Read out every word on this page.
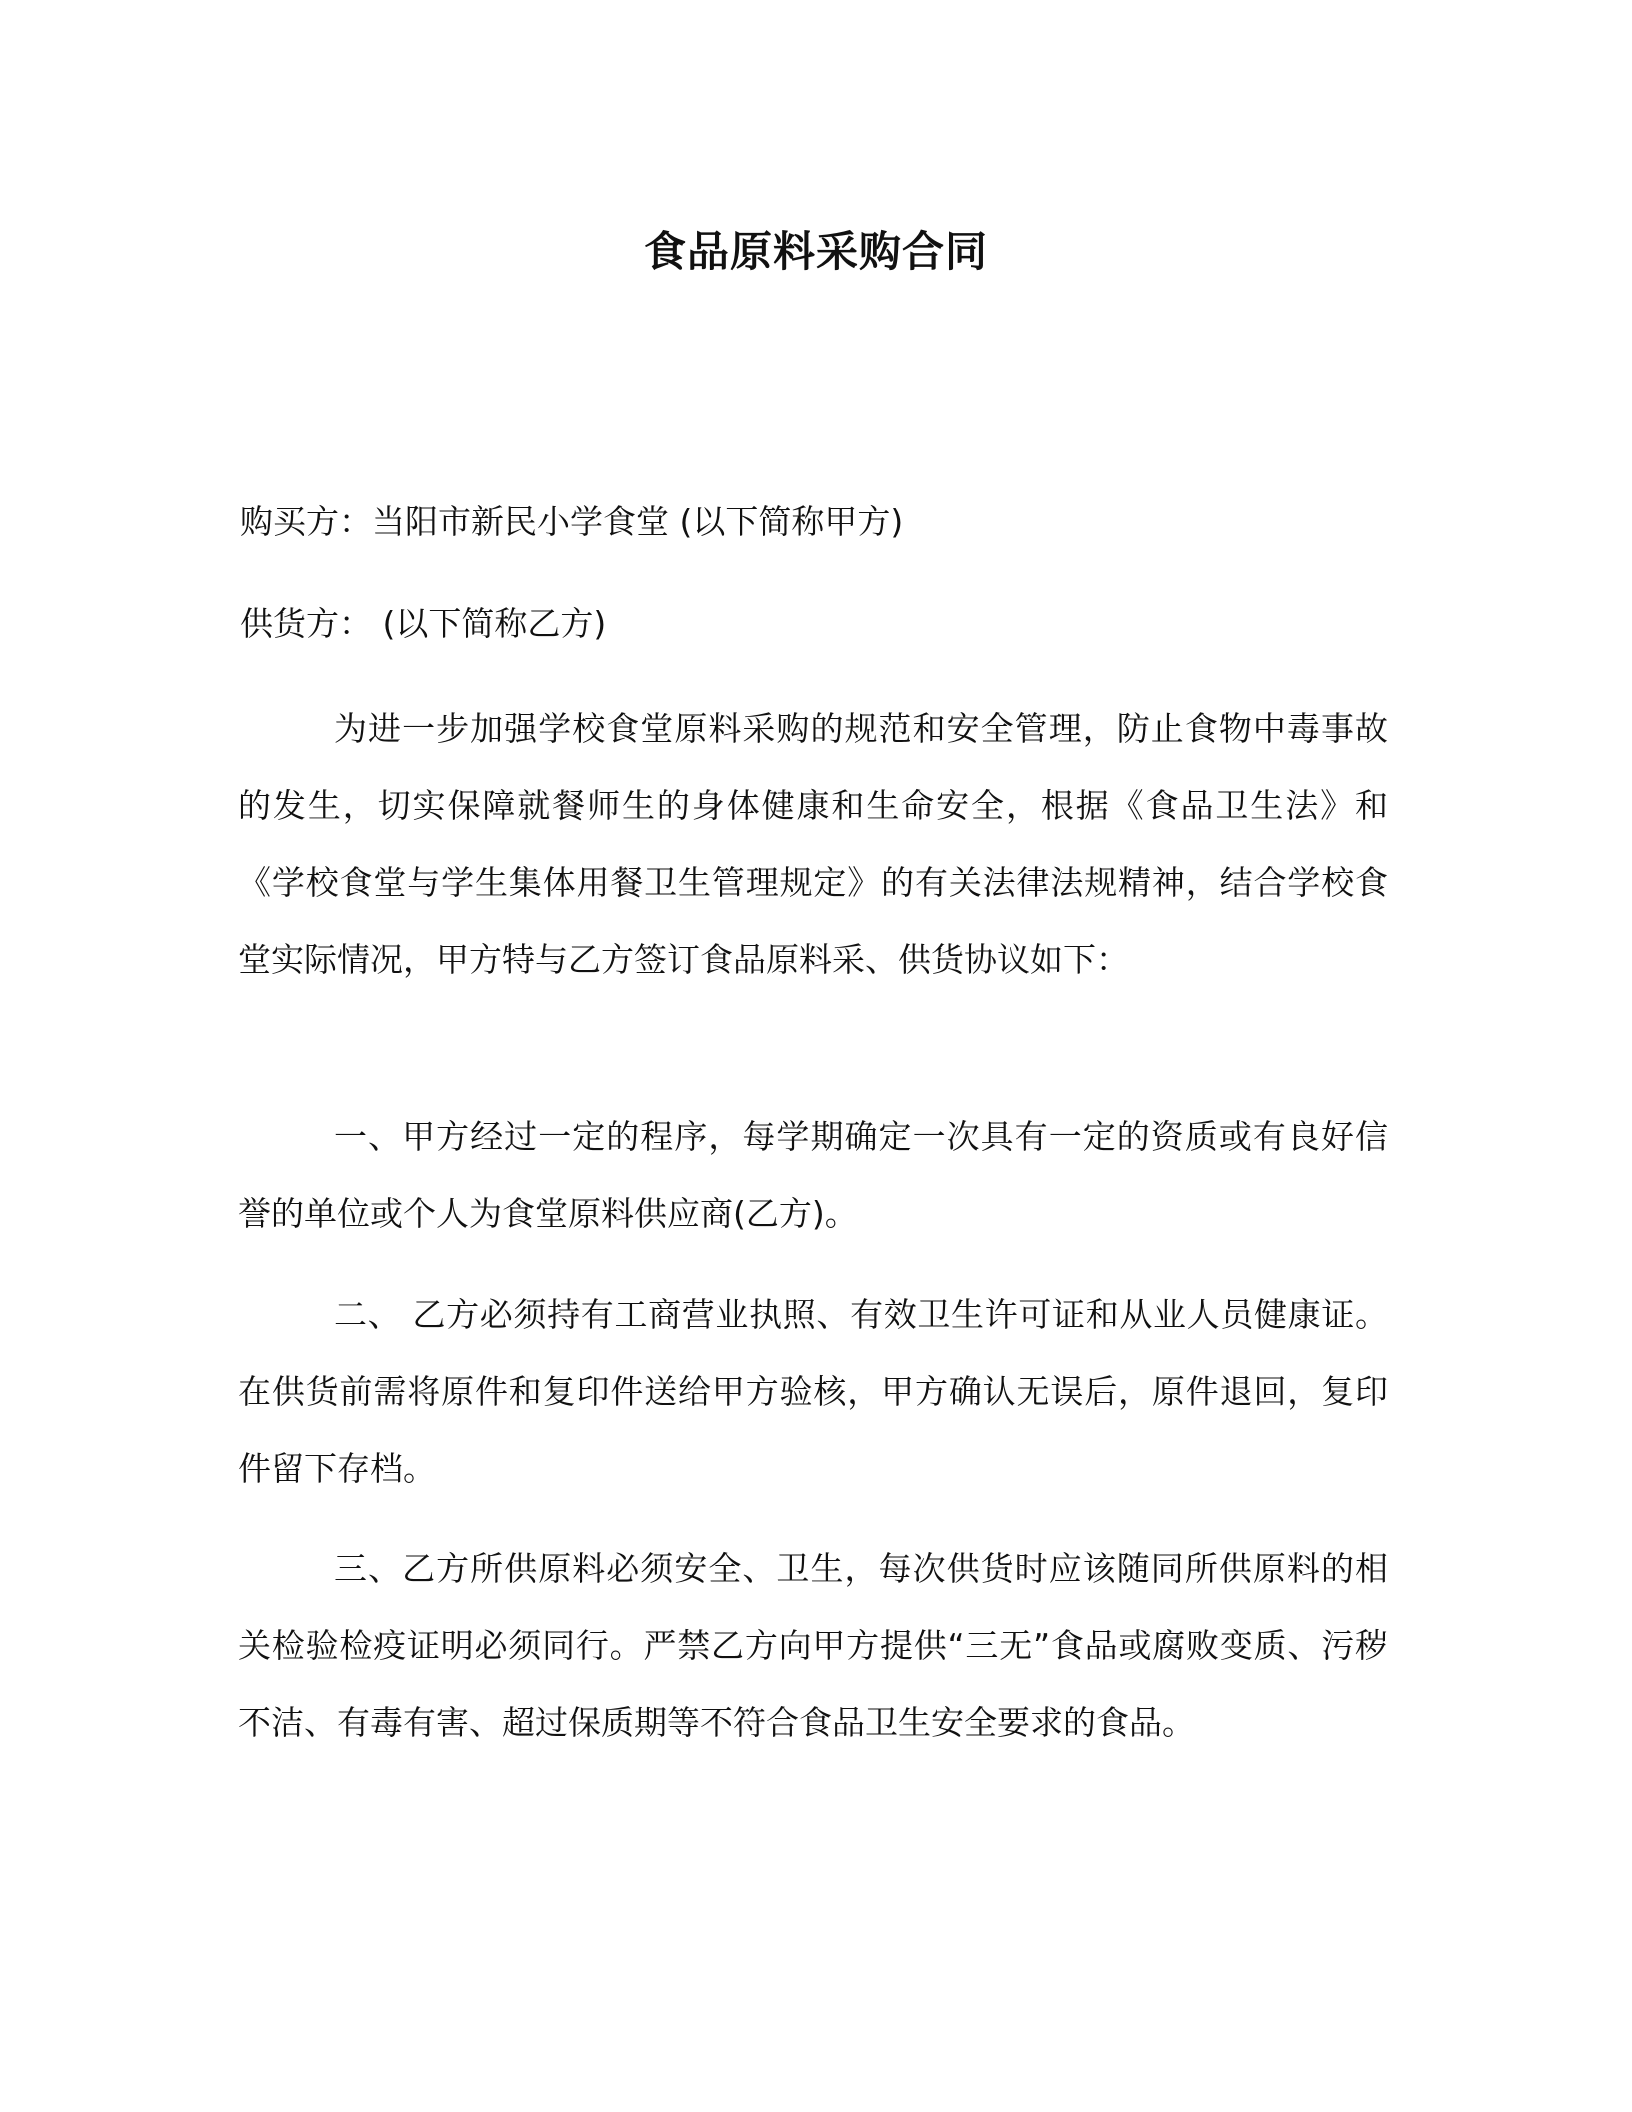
食品原料采购合同
购买方：当阳市新民小学食堂 (以下简称甲方)
供货方： (以下简称乙方)
为进一步加强学校食堂原料采购的规范和安全管理，防止食物中毒事故的发生，切实保障就餐师生的身体健康和生命安全，根据《食品卫生法》和《学校食堂与学生集体用餐卫生管理规定》的有关法律法规精神，结合学校食堂实际情况，甲方特与乙方签订食品原料采、供货协议如下：
一、甲方经过一定的程序，每学期确定一次具有一定的资质或有良好信誉的单位或个人为食堂原料供应商(乙方)。
二、 乙方必须持有工商营业执照、有效卫生许可证和从业人员健康证。在供货前需将原件和复印件送给甲方验核，甲方确认无误后，原件退回，复印件留下存档。
三、乙方所供原料必须安全、卫生，每次供货时应该随同所供原料的相关检验检疫证明必须同行。严禁乙方向甲方提供“三无”食品或腐败变质、污秽不洁、有毒有害、超过保质期等不符合食品卫生安全要求的食品。
